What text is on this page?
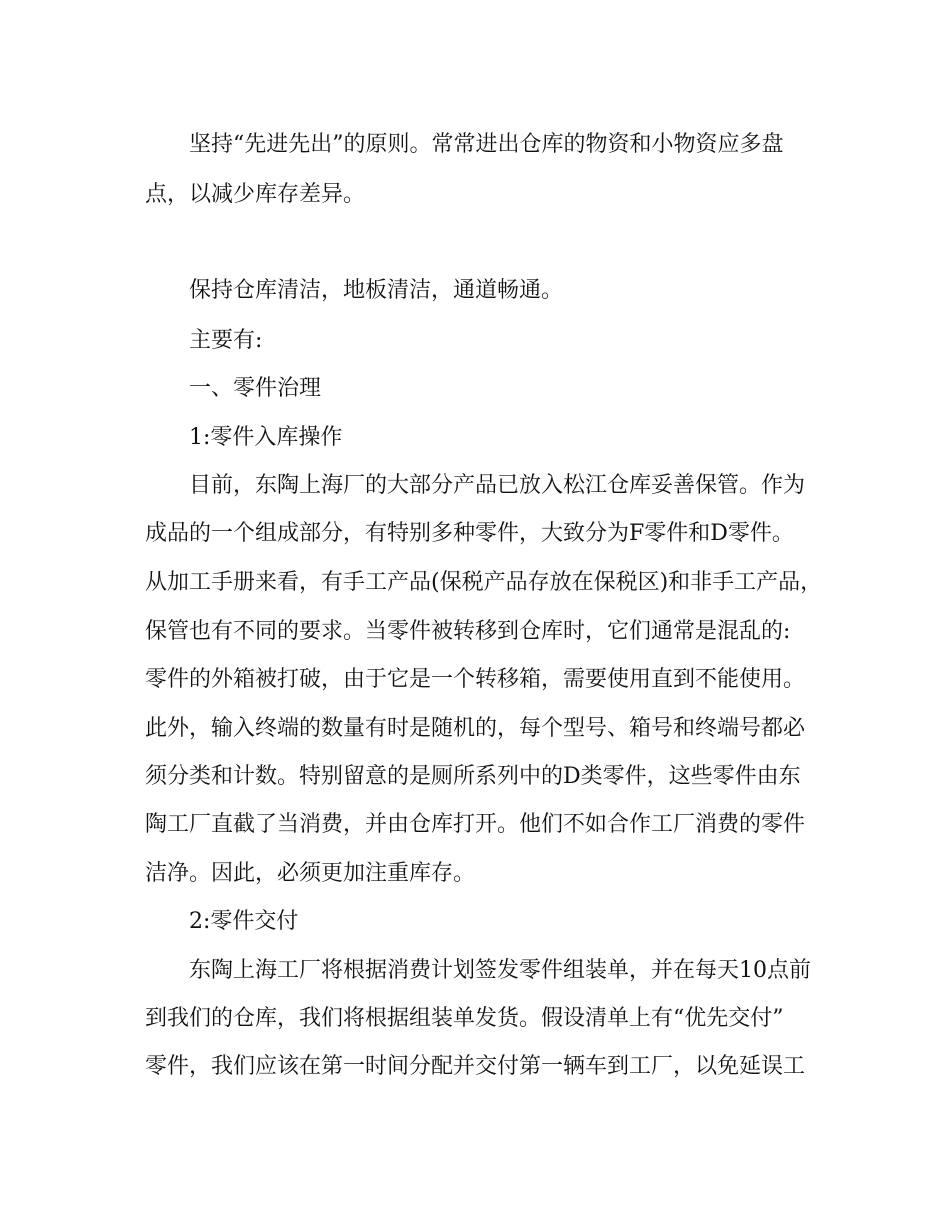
坚持“先进先出”的原则。常常进出仓库的物资和小物资应多盘
点，以减少库存差异。
保持仓库清洁，地板清洁，通道畅通。
主要有:
一、零件治理
1:零件入库操作
目前，东陶上海厂的大部分产品已放入松江仓库妥善保管。作为
成品的一个组成部分，有特别多种零件，大致分为F零件和D零件。
从加工手册来看，有手工产品(保税产品存放在保税区)和非手工产品，
保管也有不同的要求。当零件被转移到仓库时，它们通常是混乱的:
零件的外箱被打破，由于它是一个转移箱，需要使用直到不能使用。
此外，输入终端的数量有时是随机的，每个型号、箱号和终端号都必
须分类和计数。特别留意的是厕所系列中的D类零件，这些零件由东
陶工厂直截了当消费，并由仓库打开。他们不如合作工厂消费的零件
洁净。因此，必须更加注重库存。
2:零件交付
东陶上海工厂将根据消费计划签发零件组装单，并在每天10点前
到我们的仓库，我们将根据组装单发货。假设清单上有“优先交付”
零件，我们应该在第一时间分配并交付第一辆车到工厂，以免延误工
